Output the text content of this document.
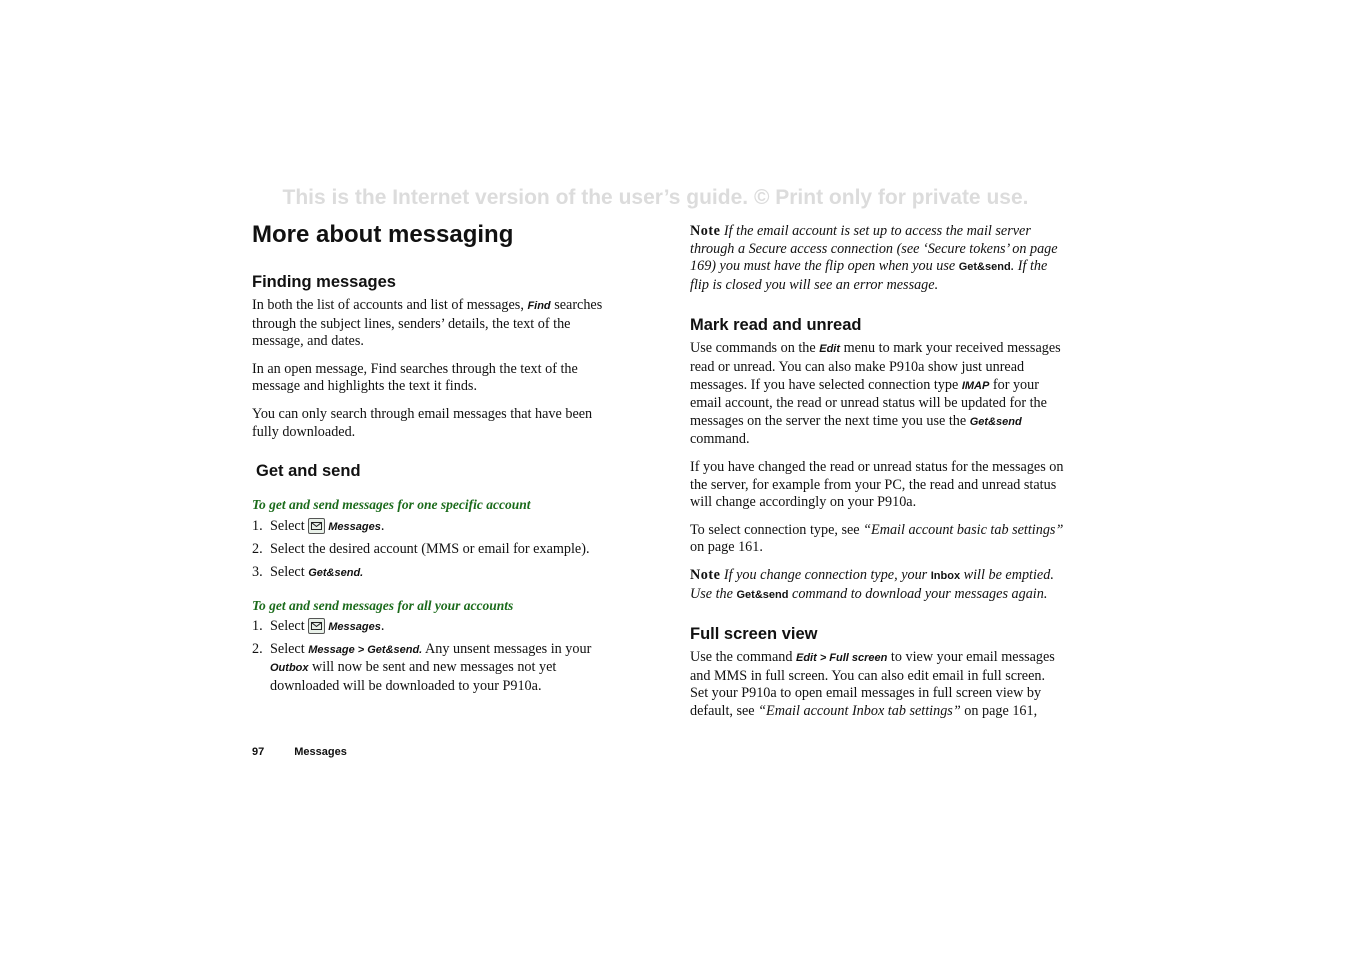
This is the Internet version of the user’s guide. © Print only for private use.
More about messaging
Finding messages

In both the list of accounts and list of messages, Find searches through the subject lines, senders’ details, the text of the message, and dates.

In an open message, Find searches through the text of the message and highlights the text it finds.

You can only search through email messages that have been fully downloaded.

Get and send

To get and send messages for one specific account

1. Select
Messages.
2. Select the desired account (MMS or email for example).
3. Select Get&send.

To get and send messages for all your accounts

1. Select
Messages.
2. Select Message > Get&send. Any unsent messages in your Outbox will now be sent and new messages not yet downloaded will be downloaded to your P910a.

Note If the email account is set up to access the mail server through a Secure access connection (see ‘Secure tokens’ on page 169) you must have the flip open when you use Get&send. If the flip is closed you will see an error message.

Mark read and unread

Use commands on the Edit menu to mark your received messages read or unread. You can also make P910a show just unread messages. If you have selected connection type IMAP for your email account, the read or unread status will be updated for the messages on the server the next time you use the Get&send command.

If you have changed the read or unread status for the messages on the server, for example from your PC, the read and unread status will change accordingly on your P910a.

To select connection type, see “Email account basic tab settings” on page 161.

Note If you change connection type, your Inbox will be emptied. Use the Get&send command to download your messages again.

Full screen view

Use the command Edit > Full screen to view your email messages and MMS in full screen. You can also edit email in full screen. Set your P910a to open email messages in full screen view by default, see “Email account Inbox tab settings” on page 161,

97	Messages
